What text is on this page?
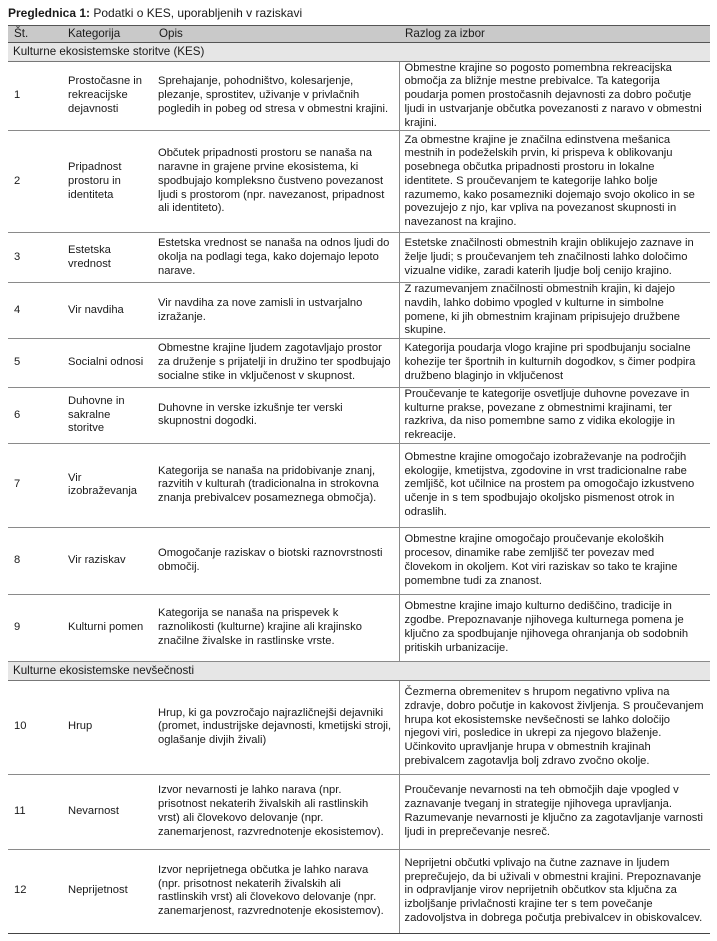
Preglednica 1: Podatki o KES, uporabljenih v raziskavi
Št.	Kategorija	Opis	Razlog za izbor
Kulturne ekosistemske storitve (KES)			
1	Prostočasne in rekreacijske dejavnosti	Sprehajanje, pohodništvo, kolesarjenje, plezanje, sprostitev, uživanje v privlačnih pogledih in pobeg od stresa v obmestni krajini.	Obmestne krajine so pogosto pomembna rekreacijska območja za bližnje mestne prebivalce. Ta kategorija poudarja pomen prostočasnih dejavnosti za dobro počutje ljudi in ustvarjanje občutka povezanosti z naravo v obmestni krajini.
2	Pripadnost prostoru in identiteta	Občutek pripadnosti prostoru se nanaša na naravne in grajene prvine ekosistema, ki spodbujajo kompleksno čustveno povezanost ljudi s prostorom (npr. navezanost, pripadnost ali identiteto).	Za obmestne krajine je značilna edinstvena mešanica mestnih in podeželskih prvin, ki prispeva k oblikovanju posebnega občutka pripadnosti prostoru in lokalne identitete. S proučevanjem te kategorije lahko bolje razumemo, kako posamezniki dojemajo svojo okolico in se povezujejo z njo, kar vpliva na povezanost skupnosti in navezanost na krajino.
3	Estetska vrednost	Estetska vrednost se nanaša na odnos ljudi do okolja na podlagi tega, kako dojemajo lepoto narave.	Estetske značilnosti obmestnih krajin oblikujejo zaznave in želje ljudi; s proučevanjem teh značilnosti lahko določimo vizualne vidike, zaradi katerih ljudje bolj cenijo krajino.
4	Vir navdiha	Vir navdiha za nove zamisli in ustvarjalno izražanje.	Z razumevanjem značilnosti obmestnih krajin, ki dajejo navdih, lahko dobimo vpogled v kulturne in simbolne pomene, ki jih obmestnim krajinam pripisujejo družbene skupine.
5	Socialni odnosi	Obmestne krajine ljudem zagotavljajo prostor za druženje s prijatelji in družino ter spodbujajo socialne stike in vključenost v skupnost.	Kategorija poudarja vlogo krajine pri spodbujanju socialne kohezije ter športnih in kulturnih dogodkov, s čimer podpira družbeno blaginjo in vključenost
6	Duhovne in sakralne storitve	Duhovne in verske izkušnje ter verski skupnostni dogodki.	Proučevanje te kategorije osvetljuje duhovne povezave in kulturne prakse, povezane z obmestnimi krajinami, ter razkriva, da niso pomembne samo z vidika ekologije in rekreacije.
7	Vir izobraževanja	Kategorija se nanaša na pridobivanje znanj, razvitih v kulturah (tradicionalna in strokovna znanja prebivalcev posameznega območja).	Obmestne krajine omogočajo izobraževanje na področjih ekologije, kmetijstva, zgodovine in vrst tradicionalne rabe zemljišč, kot učilnice na prostem pa omogočajo izkustveno učenje in s tem spodbujajo okoljsko pismenost otrok in odraslih.
8	Vir raziskav	Omogočanje raziskav o biotski raznovrstnosti območij.	Obmestne krajine omogočajo proučevanje ekoloških procesov, dinamike rabe zemljišč ter povezav med človekom in okoljem. Kot viri raziskav so tako te krajine pomembne tudi za znanost.
9	Kulturni pomen	Kategorija se nanaša na prispevek k raznolikosti (kulturne) krajine ali krajinsko značilne živalske in rastlinske vrste.	Obmestne krajine imajo kulturno dediščino, tradicije in zgodbe. Prepoznavanje njihovega kulturnega pomena je ključno za spodbujanje njihovega ohranjanja ob sodobnih pritiskih urbanizacije.
Kulturne ekosistemske nevšečnosti			
10	Hrup	Hrup, ki ga povzročajo najrazličnejši dejavniki (promet, industrijske dejavnosti, kmetijski stroji, oglašanje divjih živali)	Čezmerna obremenitev s hrupom negativno vpliva na zdravje, dobro počutje in kakovost življenja. S proučevanjem hrupa kot ekosistemske nevšečnosti se lahko določijo njegovi viri, posledice in ukrepi za njegovo blaženje. Učinkovito upravljanje hrupa v obmestnih krajinah prebivalcem zagotavlja bolj zdravo zvočno okolje.
11	Nevarnost	Izvor nevarnosti je lahko narava (npr. prisotnost nekaterih živalskih ali rastlinskih vrst) ali človekovo delovanje (npr. zanemarjenost, razvrednotenje ekosistemov).	Proučevanje nevarnosti na teh območjih daje vpogled v zaznavanje tveganj in strategije njihovega upravljanja. Razumevanje nevarnosti je ključno za zagotavljanje varnosti ljudi in preprečevanje nesreč.
12	Neprijetnost	Izvor neprijetnega občutka je lahko narava (npr. prisotnost nekaterih živalskih ali rastlinskih vrst) ali človekovo delovanje (npr. zanemarjenost, razvrednotenje ekosistemov).	Neprijetni občutki vplivajo na čutne zaznave in ljudem preprečujejo, da bi uživali v obmestni krajini. Prepoznavanje in odpravljanje virov neprijetnih občutkov sta ključna za izboljšanje privlačnosti krajine ter s tem povečanje zadovoljstva in dobrega počutja prebivalcev in obiskovalcev.
